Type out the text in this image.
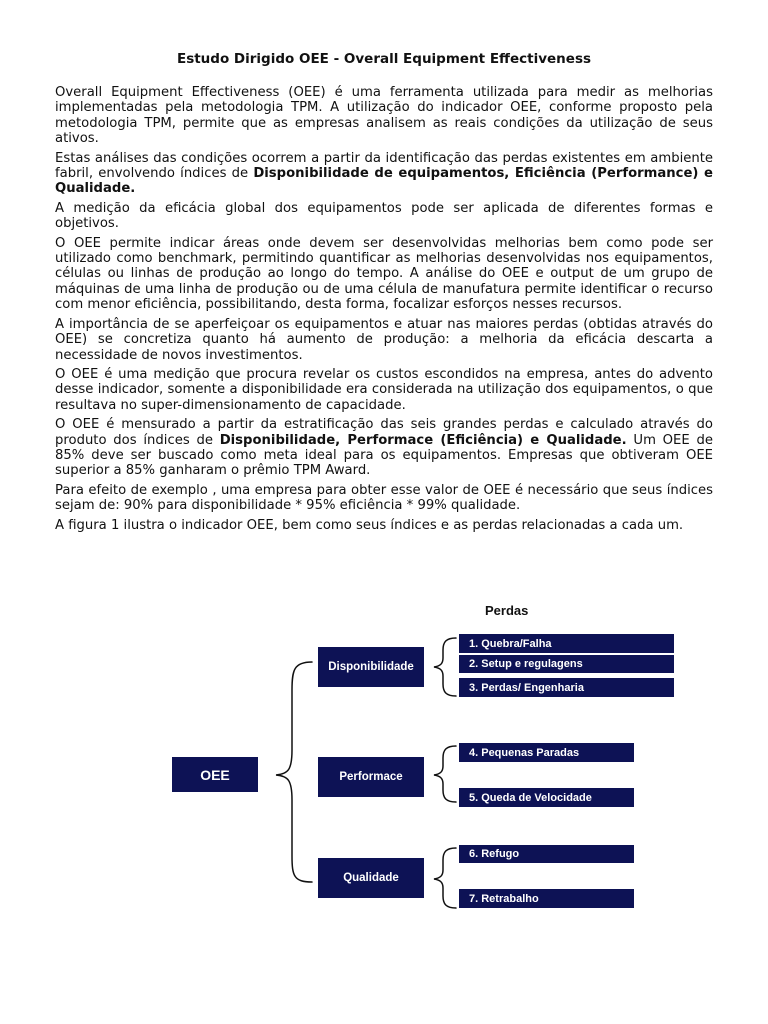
Estudo Dirigido OEE - Overall Equipment Effectiveness

Overall Equipment Effectiveness (OEE) é uma ferramenta utilizada para medir as melhorias implementadas pela metodologia TPM. A utilização do indicador OEE, conforme proposto pela metodologia TPM, permite que as empresas analisem as reais condições da utilização de seus ativos.

Estas análises das condições ocorrem a partir da identificação das perdas existentes em ambiente fabril, envolvendo índices de Disponibilidade de equipamentos, Eficiência (Performance) e Qualidade.

A medição da eficácia global dos equipamentos pode ser aplicada de diferentes formas e objetivos.

O OEE permite indicar áreas onde devem ser desenvolvidas melhorias bem como pode ser utilizado como benchmark, permitindo quantificar as melhorias desenvolvidas nos equipamentos, células ou linhas de produção ao longo do tempo. A análise do OEE e output de um grupo de máquinas de uma linha de produção ou de uma célula de manufatura permite identificar o recurso com menor eficiência, possibilitando, desta forma, focalizar esforços nesses recursos.

A importância de se aperfeiçoar os equipamentos e atuar nas maiores perdas (obtidas através do OEE) se concretiza quanto há aumento de produção: a melhoria da eficácia descarta a necessidade de novos investimentos.

O OEE é uma medição que procura revelar os custos escondidos na empresa, antes do advento desse indicador, somente a disponibilidade era considerada na utilização dos equipamentos, o que resultava no super-dimensionamento de capacidade.

O OEE é mensurado a partir da estratificação das seis grandes perdas e calculado através do produto dos índices de Disponibilidade, Performace (Eficiência) e Qualidade. Um OEE de 85% deve ser buscado como meta ideal para os equipamentos. Empresas que obtiveram OEE superior a 85% ganharam o prêmio TPM Award.

Para efeito de exemplo , uma empresa para obter esse valor de OEE é necessário que seus índices sejam de: 90% para disponibilidade * 95% eficiência * 99% qualidade.

A figura 1 ilustra o indicador OEE, bem como seus índices e as perdas relacionadas a cada um.

Perdas
OEE
Disponibilidade
Performace
Qualidade
1. Quebra/Falha
2. Setup e regulagens
3. Perdas/ Engenharia
4. Pequenas Paradas
5. Queda de Velocidade
6. Refugo
7. Retrabalho
